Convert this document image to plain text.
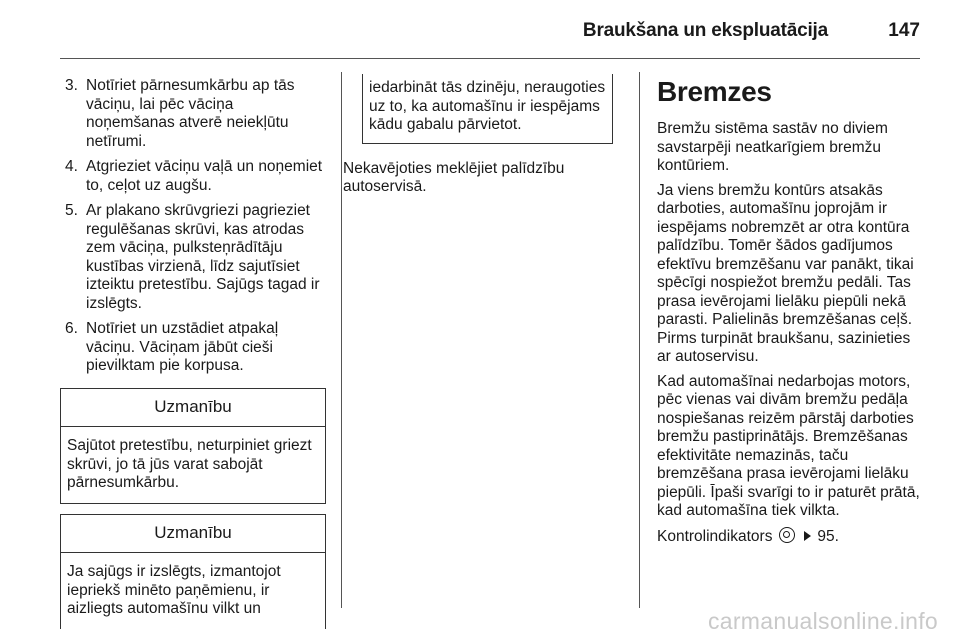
Braukšana un ekspluatācija	147
3. Notīriet pārnesumkārbu ap tās vāciņu, lai pēc vāciņa noņemšanas atverē neiekļūtu netīrumi.
4. Atgrieziet vāciņu vaļā un noņemiet to, ceļot uz augšu.
5. Ar plakano skrūvgriezi pagrieziet regulēšanas skrūvi, kas atrodas zem vāciņa, pulksteņrādītāju kustības virzienā, līdz sajutīsiet izteiktu pretestību. Sajūgs tagad ir izslēgts.
6. Notīriet un uzstādiet atpakaļ vāciņu. Vāciņam jābūt cieši pievilktam pie korpusa.
Uzmanību
Sajūtot pretestību, neturpiniet griezt skrūvi, jo tā jūs varat sabojāt pārnesumkārbu.
Uzmanību
Ja sajūgs ir izslēgts, izmantojot iepriekš minēto paņēmienu, ir aizliegts automašīnu vilkt un
iedarbināt tās dzinēju, neraugoties uz to, ka automašīnu ir iespējams kādu gabalu pārvietot.

Nekavējoties meklējiet palīdzību autoservisā.

Bremzes

Bremžu sistēma sastāv no diviem savstarpēji neatkarīgiem bremžu kontūriem.

Ja viens bremžu kontūrs atsakās darboties, automašīnu joprojām ir iespējams nobremzēt ar otra kontūra palīdzību. Tomēr šādos gadījumos efektīvu bremzēšanu var panākt, tikai spēcīgi nospiežot bremžu pedāli. Tas prasa ievērojami lielāku piepūli nekā parasti. Palielinās bremzēšanas ceļš. Pirms turpināt braukšanu, sazinieties ar autoservisu.

Kad automašīnai nedarbojas motors, pēc vienas vai divām bremžu pedāļa nospiešanas reizēm pārstāj darboties bremžu pastiprinātājs. Bremzēšanas efektivitāte nemazinās, taču bremzēšana prasa ievērojami lielāku piepūli. Īpaši svarīgi to ir paturēt prātā, kad automašīna tiek vilkta.

Kontrolindikators	95.

carmanualsonline.info
